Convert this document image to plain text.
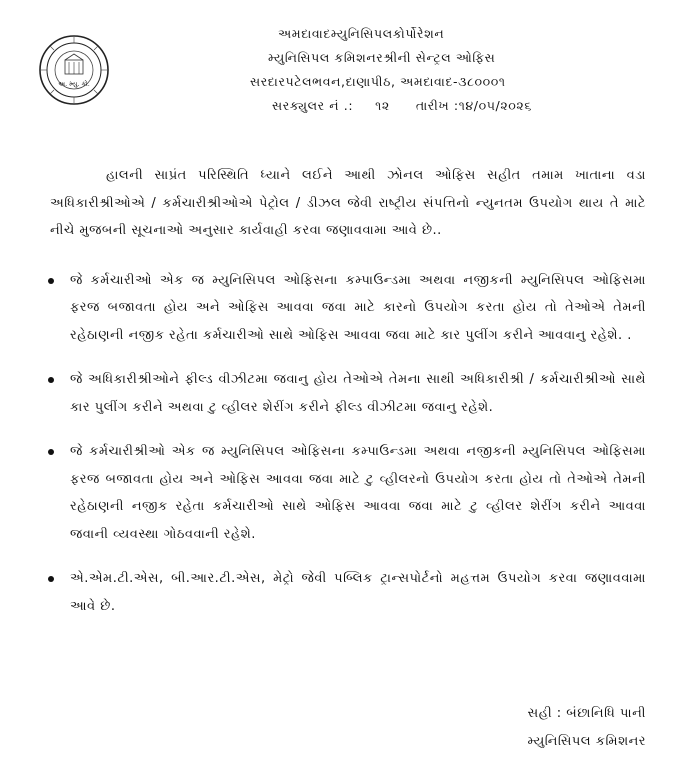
અ. મ્યુ. કો.
અમદાવાદમ્યુનિસિપલકોર્પોરેશન
મ્યુનિસિપલ કમિશનરશ્રીની સેન્ટ્રલ ઓફિસ
સરદારપટેલભવન,દાણાપીઠ, અમદાવાદ-૩૮૦૦૦૧
સરક્યુલર નં .: ૧૨ તારીખ :૧૪/૦૫/૨૦૨૬

હાલની સાપ્રંત પરિસ્થિતિ ધ્યાને લઈને આથી ઝોનલ ઓફિસ સહીત તમામ ખાતાના વડા અધિકારીશ્રીઓએ / કર્મચારીશ્રીઓએ પેટ્રોલ / ડીઝલ જેવી રાષ્ટ્રીય સંપત્તિનો ન્યુનતમ ઉપયોગ થાય તે માટે નીચે મુજબની સૂચનાઓ અનુસાર કાર્યવાહી કરવા જણાવવામા આવે છે..

જે કર્મચારીઓ એક જ મ્યુનિસિપલ ઓફિસના કમ્પાઉન્ડમા અથવા નજીકની મ્યુનિસિપલ ઓફિસમા ફરજ બજાવતા હોય અને ઓફિસ આવવા જવા માટે કારનો ઉપયોગ કરતા હોય તો તેઓએ તેમની રહેઠાણની નજીક રહેતા કર્મચારીઓ સાથે ઓફિસ આવવા જવા માટે કાર પુલીંગ કરીને આવવાનુ રહેશે. .
જે અધિકારીશ્રીઓને ફીલ્ડ વીઝીટમા જવાનુ હોય તેઓએ તેમના સાથી અધિકારીશ્રી / કર્મચારીશ્રીઓ સાથે કાર પુલીંગ કરીને અથવા ટુ વ્હીલર શેરીંગ કરીને ફીલ્ડ વીઝીટમા જવાનુ રહેશે.
જે કર્મચારીશ્રીઓ એક જ મ્યુનિસિપલ ઓફિસના કમ્પાઉન્ડમા અથવા નજીકની મ્યુનિસિપલ ઓફિસમા ફરજ બજાવતા હોય અને ઓફિસ આવવા જવા માટે ટુ વ્હીલરનો ઉપયોગ કરતા હોય તો તેઓએ તેમની રહેઠાણની નજીક રહેતા કર્મચારીઓ સાથે ઓફિસ આવવા જવા માટે ટુ વ્હીલર શેરીંગ કરીને આવવા જવાની વ્યવસ્થા ગોઠવવાની રહેશે.
એ.એમ.ટી.એસ, બી.આર.ટી.એસ, મેટ્રો જેવી પબ્લિક ટ્રાન્સપોર્ટનો મહત્તમ ઉપયોગ કરવા જણાવવામા આવે છે.
સહી : બંછાનિધિ પાની
મ્યુનિસિપલ કમિશનર
